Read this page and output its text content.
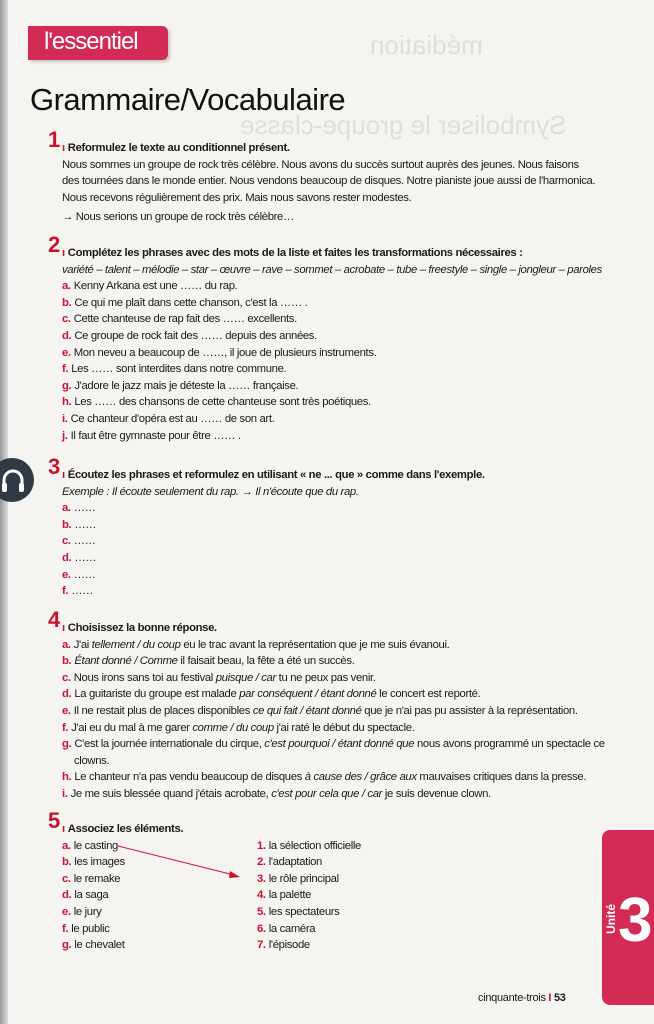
Symboliser le groupe-classe
médiation
l'essentiel
Grammaire/Vocabulaire
1 ı Reformulez le texte au conditionnel présent.
Nous sommes un groupe de rock très célèbre. Nous avons du succès surtout auprès des jeunes. Nous faisons
des tournées dans le monde entier. Nous vendons beaucoup de disques. Notre pianiste joue aussi de l'harmonica.
Nous recevons régulièrement des prix. Mais nous savons rester modestes.
→ Nous serions un groupe de rock très célèbre…
2 ı Complétez les phrases avec des mots de la liste et faites les transformations nécessaires :
variété – talent – mélodie – star – œuvre – rave – sommet – acrobate – tube – freestyle – single – jongleur – paroles
a. Kenny Arkana est une …… du rap.
b. Ce qui me plaît dans cette chanson, c'est la …… .
c. Cette chanteuse de rap fait des …… excellents.
d. Ce groupe de rock fait des …… depuis des années.
e. Mon neveu a beaucoup de ……, il joue de plusieurs instruments.
f. Les …… sont interdites dans notre commune.
g. J'adore le jazz mais je déteste la …… française.
h. Les …… des chansons de cette chanteuse sont très poétiques.
i. Ce chanteur d'opéra est au …… de son art.
j. Il faut être gymnaste pour être …… .
3 ı Écoutez les phrases et reformulez en utilisant « ne ... que » comme dans l'exemple.
Exemple : Il écoute seulement du rap. → Il n'écoute que du rap.
a. ……
b. ……
c. ……
d. ……
e. ……
f. ……
4 ı Choisissez la bonne réponse.
a. J'ai tellement / du coup eu le trac avant la représentation que je me suis évanoui.
b. Étant donné / Comme il faisait beau, la fête a été un succès.
c. Nous irons sans toi au festival puisque / car tu ne peux pas venir.
d. La guitariste du groupe est malade par conséquent / étant donné le concert est reporté.
e. Il ne restait plus de places disponibles ce qui fait / étant donné que je n'ai pas pu assister à la représentation.
f. J'ai eu du mal à me garer comme / du coup j'ai raté le début du spectacle.
g. C'est la journée internationale du cirque, c'est pourquoi / étant donné que nous avons programmé un spectacle ce clowns.
h. Le chanteur n'a pas vendu beaucoup de disques à cause des / grâce aux mauvaises critiques dans la presse.
i. Je me suis blessée quand j'étais acrobate, c'est pour cela que / car je suis devenue clown.
5 ı Associez les éléments.
a. le casting
b. les images
c. le remake
d. la saga
e. le jury
f. le public
g. le chevalet
1. la sélection officielle
2. l'adaptation
3. le rôle principal
4. la palette
5. les spectateurs
6. la caméra
7. l'épisode
Unité 3
cinquante-trois I 53
